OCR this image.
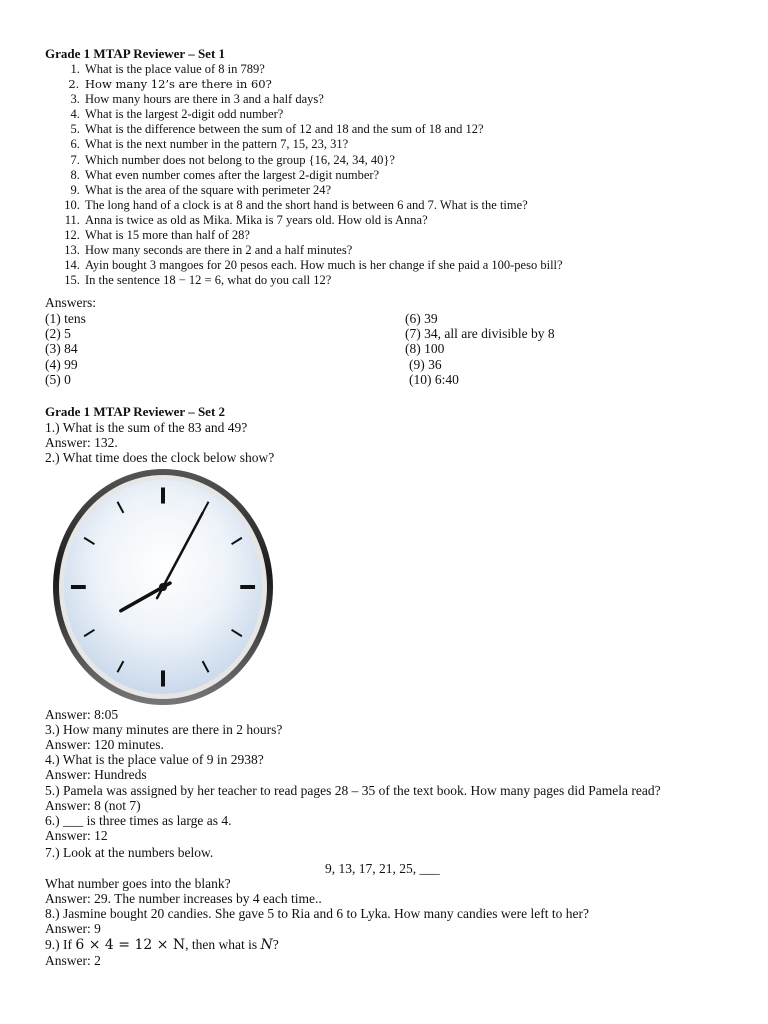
Grade 1 MTAP Reviewer – Set 1
1. What is the place value of 8 in 789?
2. How many 12’s are there in 60?
3. How many hours are there in 3 and a half days?
4. What is the largest 2-digit odd number?
5. What is the difference between the sum of 12 and 18 and the sum of 18 and 12?
6. What is the next number in the pattern 7, 15, 23, 31?
7. Which number does not belong to the group {16, 24, 34, 40}?
8. What even number comes after the largest 2-digit number?
9. What is the area of the square with perimeter 24?
10. The long hand of a clock is at 8 and the short hand is between 6 and 7. What is the time?
11. Anna is twice as old as Mika. Mika is 7 years old. How old is Anna?
12. What is 15 more than half of 28?
13. How many seconds are there in 2 and a half minutes?
14. Ayin bought 3 mangoes for 20 pesos each. How much is her change if she paid a 100-peso bill?
15. In the sentence 18 − 12 = 6, what do you call 12?
Answers:
(1) tens
(2) 5
(3) 84
(4) 99
(5) 0
(6) 39
(7) 34, all are divisible by 8
(8) 100
(9) 36
(10) 6:40
Grade 1 MTAP Reviewer – Set 2
1.) What is the sum of the 83 and 49?
Answer: 132.
2.) What time does the clock below show?
Answer: 8:05
3.) How many minutes are there in 2 hours?
Answer: 120 minutes.
4.) What is the place value of 9 in 2938?
Answer: Hundreds
5.) Pamela was assigned by her teacher to read pages 28 – 35 of the text book. How many pages did Pamela read?
Answer: 8 (not 7)
6.) ___ is three times as large as 4.
Answer: 12
7.) Look at the numbers below.
9, 13, 17, 21, 25, ___
What number goes into the blank?
Answer: 29. The number increases by 4 each time..
8.) Jasmine bought 20 candies. She gave 5 to Ria and 6 to Lyka. How many candies were left to her?
Answer: 9
9.) If 6 × 4 = 12 × N, then what is N?
Answer: 2
